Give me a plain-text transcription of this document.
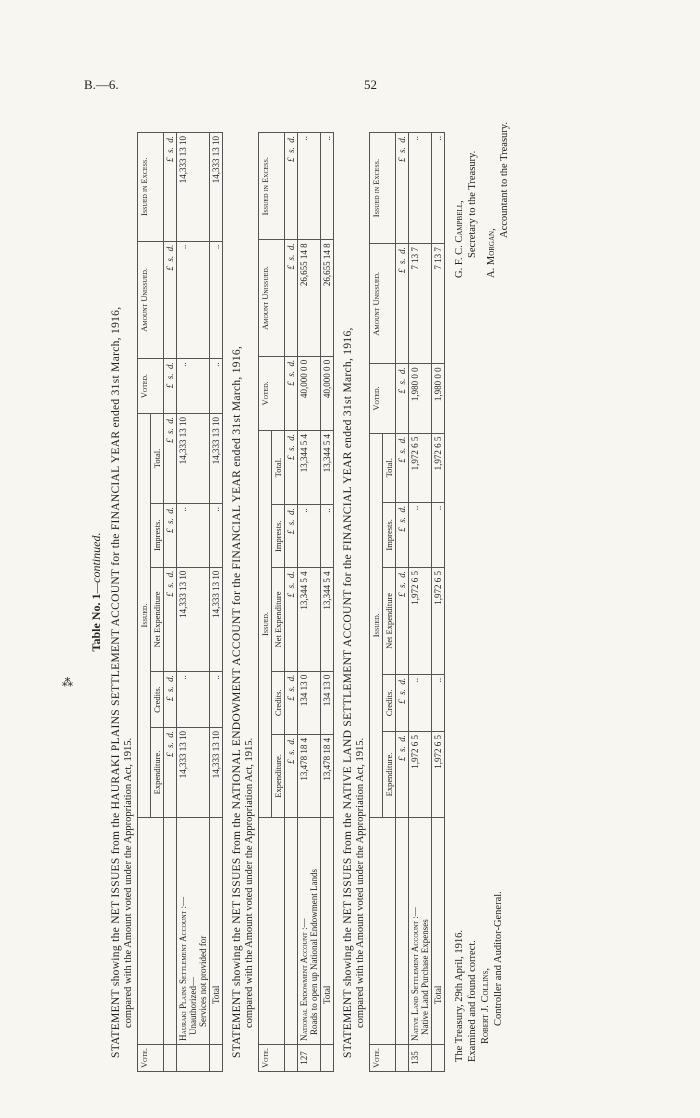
B.—6.	52
⁂
Table No. 1—continued. STATEMENT showing the NET ISSUES from the HAURAKI PLAINS SETTLEMENT ACCOUNT for the FINANCIAL YEAR ended 31st March, 1916, compared with the Amount voted under the Appropriation Act, 1915.
Vote.		Issued.					Voted.	Amount Unissued.	Issued in Excess.
		Expenditure.	Credits.	Net Expenditure	Imprests.	Total.			
		£  s.  d.	£  s.  d.	£  s.  d.	£  s.  d.	£  s.  d.	£  s.  d.	£  s.  d.	£  s.  d.

	Hauraki Plains Settlement Account :— Unauthorized— Services not provided for	14,333 13 10	..	14,333 13 10	..	14,333 13 10	..	..	14,333 13 10
	Total	14,333 13 10	..	14,333 13 10	..	14,333 13 10	..	..	14,333 13 10
STATEMENT showing the NET ISSUES from the NATIONAL ENDOWMENT ACCOUNT for the FINANCIAL YEAR ended 31st March, 1916, compared with the Amount voted under the Appropriation Act, 1915.
Vote.		Issued.					Voted.	Amount Unissued.	Issued in Excess.
		Expenditure.	Credits.	Net Expenditure	Imprests.	Total.			
		£  s.  d.	£  s.  d.	£  s.  d.	£  s.  d.	£  s.  d.	£  s.  d.	£  s.  d.	£  s.  d.
127	National Endowment Account :— Roads to open up National Endowment Lands	13,478 18 4	134 13 0	13,344 5 4	..	13,344 5 4	40,000 0 0	26,655 14 8	..
	Total	13,478 18 4	134 13 0	13,344 5 4	..	13,344 5 4	40,000 0 0	26,655 14 8	..
STATEMENT showing the NET ISSUES from the NATIVE LAND SETTLEMENT ACCOUNT for the FINANCIAL YEAR ended 31st March, 1916, compared with the Amount voted under the Appropriation Act, 1915.
Vote.		Issued.					Voted.	Amount Unissued.	Issued in Excess.
		Expenditure.	Credits.	Net Expenditure	Imprests.	Total.			
		£  s.  d.	£  s.  d.	£  s.  d.	£  s.  d.	£  s.  d.	£  s.  d.	£  s.  d.	£  s.  d.
135	Native Land Settlement Account :— Native Land Purchase Expenses	1,972 6 5	..	1,972 6 5	..	1,972 6 5	1,980 0 0	7 13 7	..
	Total	1,972 6 5	..	1,972 6 5	..	1,972 6 5	1,980 0 0	7 13 7	..
The Treasury, 29th April, 1916. Examined and found correct. Robert J. Collins, Controller and Auditor-General.
G. F. C. Campbell, Secretary to the Treasury. A. Morgan,
Accountant to the Treasury.
